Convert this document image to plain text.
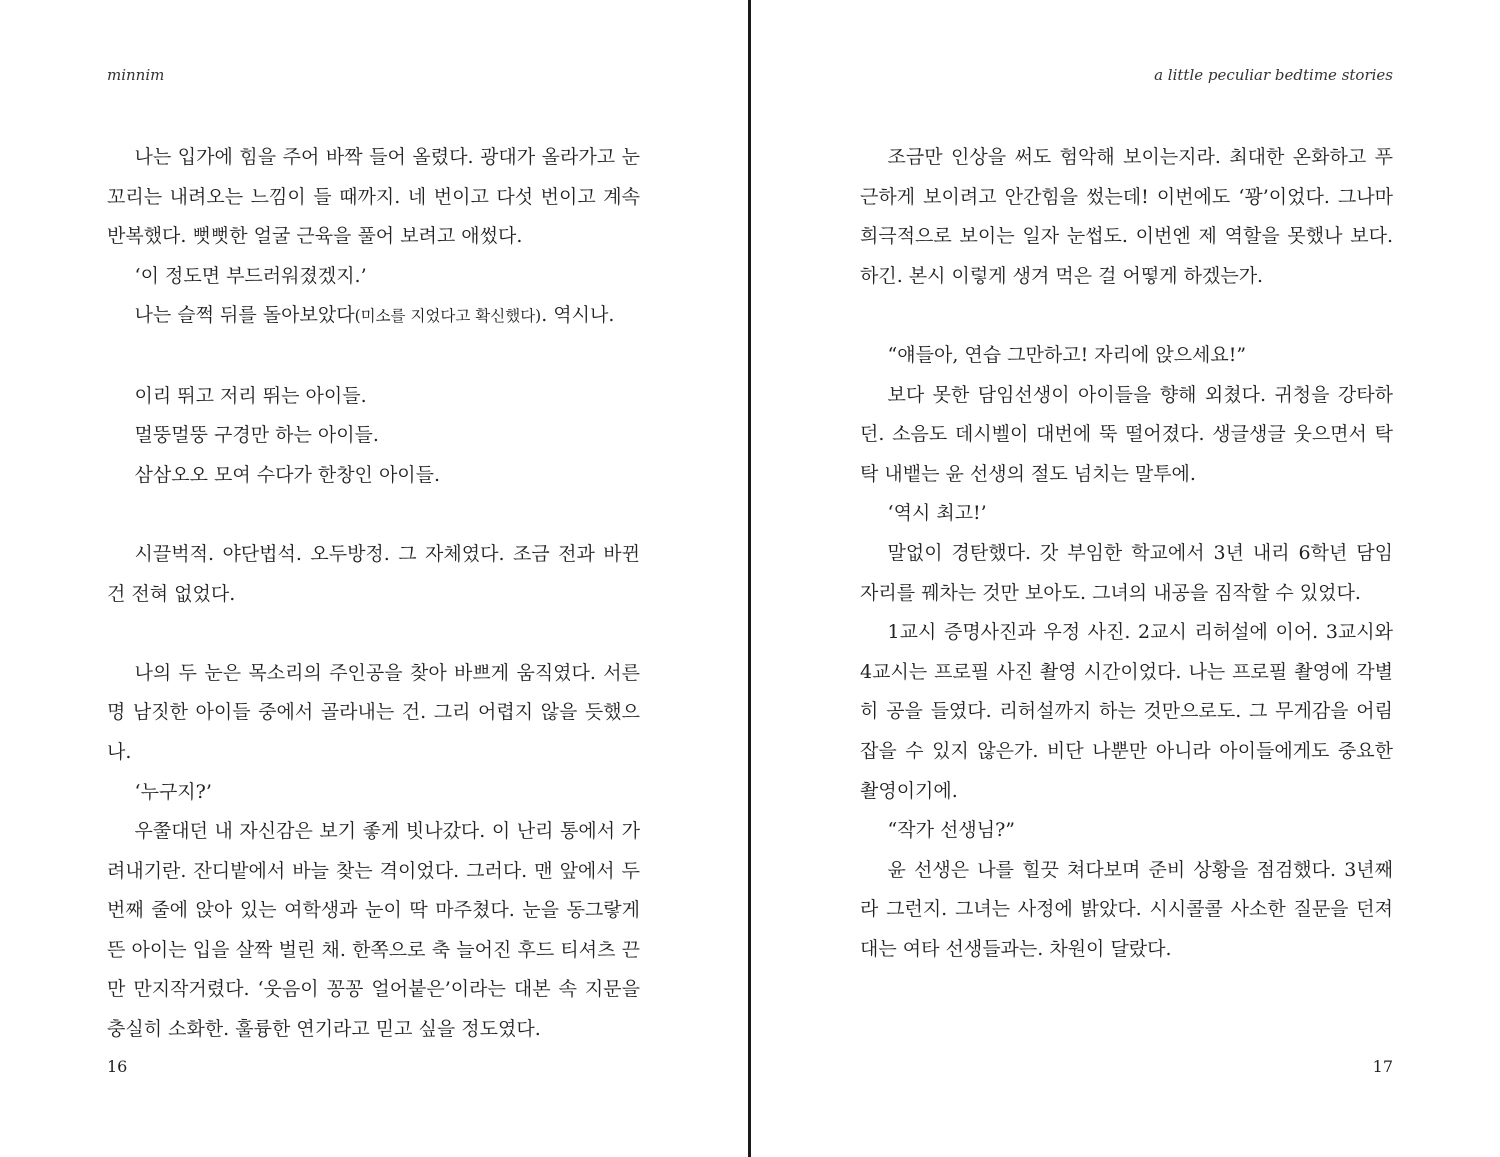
minnim

나는 입가에 힘을 주어 바짝 들어 올렸다. 광대가 올라가고 눈꼬리는 내려오는 느낌이 들 때까지. 네 번이고 다섯 번이고 계속 반복했다. 뻣뻣한 얼굴 근육을 풀어 보려고 애썼다.

‘이 정도면 부드러워졌겠지.’

나는 슬쩍 뒤를 돌아보았다(미소를 지었다고 확신했다). 역시나.

이리 뛰고 저리 뛰는 아이들.

멀뚱멀뚱 구경만 하는 아이들.

삼삼오오 모여 수다가 한창인 아이들.

시끌벅적. 야단법석. 오두방정. 그 자체였다. 조금 전과 바뀐 건 전혀 없었다.

나의 두 눈은 목소리의 주인공을 찾아 바쁘게 움직였다. 서른 명 남짓한 아이들 중에서 골라내는 건. 그리 어렵지 않을 듯했으나.

‘누구지?’

우쭐대던 내 자신감은 보기 좋게 빗나갔다. 이 난리 통에서 가려내기란. 잔디밭에서 바늘 찾는 격이었다. 그러다. 맨 앞에서 두 번째 줄에 앉아 있는 여학생과 눈이 딱 마주쳤다. 눈을 동그랗게 뜬 아이는 입을 살짝 벌린 채. 한쪽으로 축 늘어진 후드 티셔츠 끈만 만지작거렸다. ‘웃음이 꽁꽁 얼어붙은’이라는 대본 속 지문을 충실히 소화한. 훌륭한 연기라고 믿고 싶을 정도였다.

16
a little peculiar bedtime stories

조금만 인상을 써도 험악해 보이는지라. 최대한 온화하고 푸근하게 보이려고 안간힘을 썼는데! 이번에도 ‘꽝’이었다. 그나마 희극적으로 보이는 일자 눈썹도. 이번엔 제 역할을 못했나 보다. 하긴. 본시 이렇게 생겨 먹은 걸 어떻게 하겠는가.

“얘들아, 연습 그만하고! 자리에 앉으세요!”

보다 못한 담임선생이 아이들을 향해 외쳤다. 귀청을 강타하던. 소음도 데시벨이 대번에 뚝 떨어졌다. 생글생글 웃으면서 탁탁 내뱉는 윤 선생의 절도 넘치는 말투에.

‘역시 최고!’

말없이 경탄했다. 갓 부임한 학교에서 3년 내리 6학년 담임 자리를 꿰차는 것만 보아도. 그녀의 내공을 짐작할 수 있었다.

1교시 증명사진과 우정 사진. 2교시 리허설에 이어. 3교시와 4교시는 프로필 사진 촬영 시간이었다. 나는 프로필 촬영에 각별히 공을 들였다. 리허설까지 하는 것만으로도. 그 무게감을 어림잡을 수 있지 않은가. 비단 나뿐만 아니라 아이들에게도 중요한 촬영이기에.

“작가 선생님?”

윤 선생은 나를 힐끗 쳐다보며 준비 상황을 점검했다. 3년째라 그런지. 그녀는 사정에 밝았다. 시시콜콜 사소한 질문을 던져대는 여타 선생들과는. 차원이 달랐다.

17
